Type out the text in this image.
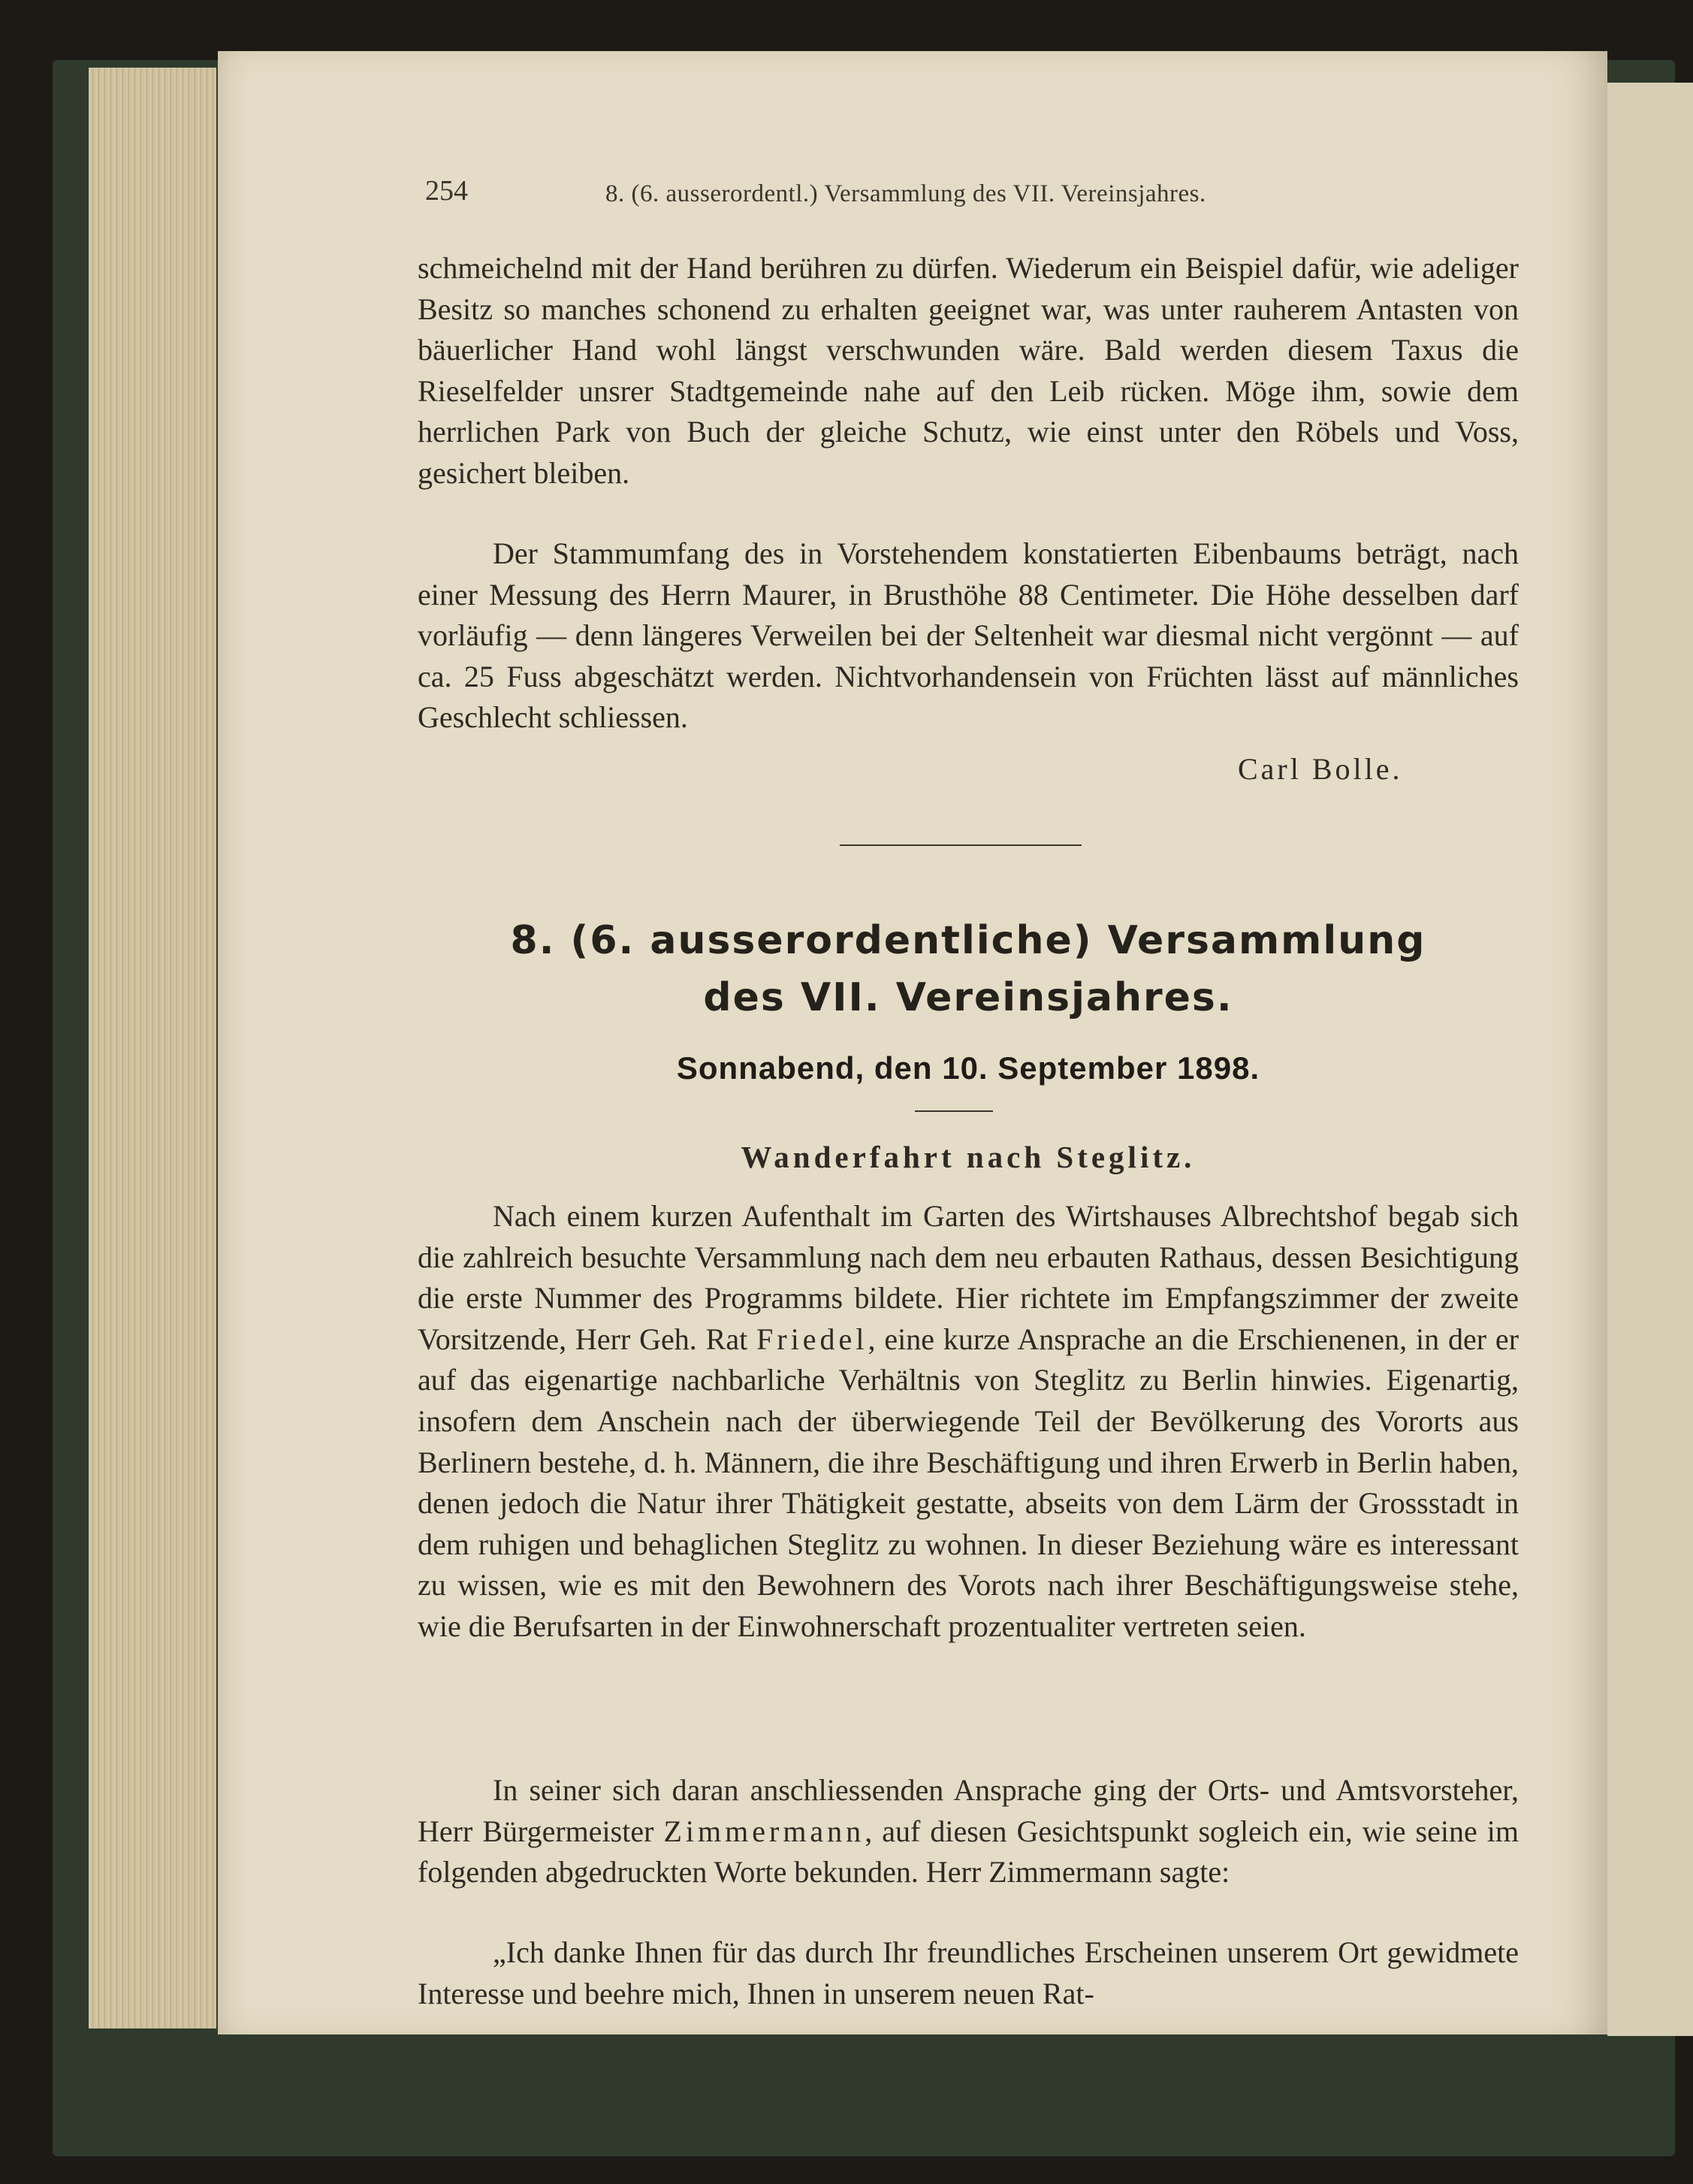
254	8. (6. ausserordentl.) Versammlung des VII. Vereinsjahres.

schmeichelnd mit der Hand berühren zu dürfen. Wiederum ein Beispiel dafür, wie adeliger Besitz so manches schonend zu erhalten geeignet war, was unter rauherem Antasten von bäuerlicher Hand wohl längst verschwunden wäre. Bald werden diesem Taxus die Rieselfelder unsrer Stadtgemeinde nahe auf den Leib rücken. Möge ihm, sowie dem herrlichen Park von Buch der gleiche Schutz, wie einst unter den Röbels und Voss, gesichert bleiben.

Der Stammumfang des in Vorstehendem konstatierten Eibenbaums beträgt, nach einer Messung des Herrn Maurer, in Brusthöhe 88 Centimeter. Die Höhe desselben darf vorläufig — denn längeres Verweilen bei der Seltenheit war diesmal nicht vergönnt — auf ca. 25 Fuss abgeschätzt werden. Nichtvorhandensein von Früchten lässt auf männliches Geschlecht schliessen.

Carl Bolle.
8. (6. ausserordentliche) Versammlung
des VII. Vereinsjahres.
Sonnabend, den 10. September 1898.
Wanderfahrt nach Steglitz.

Nach einem kurzen Aufenthalt im Garten des Wirtshauses Albrechtshof begab sich die zahlreich besuchte Versammlung nach dem neu erbauten Rathaus, dessen Besichtigung die erste Nummer des Programms bildete. Hier richtete im Empfangszimmer der zweite Vorsitzende, Herr Geh. Rat Friedel, eine kurze Ansprache an die Erschienenen, in der er auf das eigenartige nachbarliche Verhältnis von Steglitz zu Berlin hinwies. Eigenartig, insofern dem Anschein nach der überwiegende Teil der Bevölkerung des Vororts aus Berlinern bestehe, d. h. Männern, die ihre Beschäftigung und ihren Erwerb in Berlin haben, denen jedoch die Natur ihrer Thätigkeit gestatte, abseits von dem Lärm der Grossstadt in dem ruhigen und behaglichen Steglitz zu wohnen. In dieser Beziehung wäre es interessant zu wissen, wie es mit den Bewohnern des Vorots nach ihrer Beschäftigungsweise stehe, wie die Berufsarten in der Einwohnerschaft prozentualiter vertreten seien.

In seiner sich daran anschliessenden Ansprache ging der Orts- und Amtsvorsteher, Herr Bürgermeister Zimmermann, auf diesen Gesichtspunkt sogleich ein, wie seine im folgenden abgedruckten Worte bekunden. Herr Zimmermann sagte:

„Ich danke Ihnen für das durch Ihr freundliches Erscheinen unserem Ort gewidmete Interesse und beehre mich, Ihnen in unserem neuen Rat-
